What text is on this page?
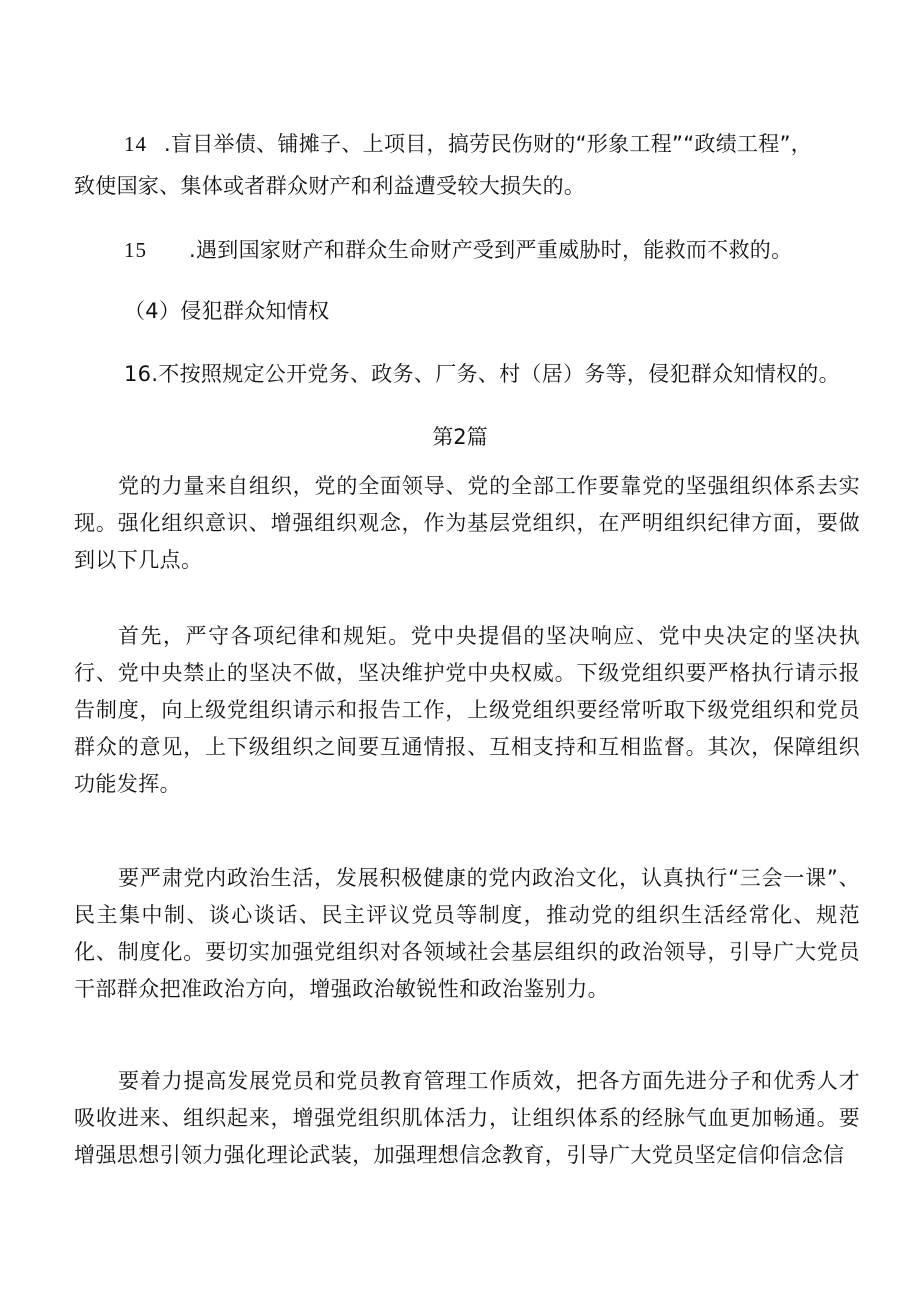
14 .盲目举债、铺摊子、上项目，搞劳民伤财的“形象工程”“政绩工程”，
致使国家、集体或者群众财产和利益遭受较大损失的。
15 .遇到国家财产和群众生命财产受到严重威胁时，能救而不救的。
（4）侵犯群众知情权
16.不按照规定公开党务、政务、厂务、村（居）务等，侵犯群众知情权的。
第2篇

党的力量来自组织，党的全面领导、党的全部工作要靠党的坚强组织体系去实现。强化组织意识、增强组织观念，作为基层党组织，在严明组织纪律方面，要做到以下几点。

首先，严守各项纪律和规矩。党中央提倡的坚决响应、党中央决定的坚决执行、党中央禁止的坚决不做，坚决维护党中央权威。下级党组织要严格执行请示报告制度，向上级党组织请示和报告工作，上级党组织要经常听取下级党组织和党员群众的意见，上下级组织之间要互通情报、互相支持和互相监督。其次，保障组织功能发挥。

要严肃党内政治生活，发展积极健康的党内政治文化，认真执行“三会一课”、民主集中制、谈心谈话、民主评议党员等制度，推动党的组织生活经常化、规范化、制度化。要切实加强党组织对各领域社会基层组织的政治领导，引导广大党员干部群众把准政治方向，增强政治敏锐性和政治鉴别力。

要着力提高发展党员和党员教育管理工作质效，把各方面先进分子和优秀人才吸收进来、组织起来，增强党组织肌体活力，让组织体系的经脉气血更加畅通。要增强思想引领力强化理论武装，加强理想信念教育，引导广大党员坚定信仰信念信
